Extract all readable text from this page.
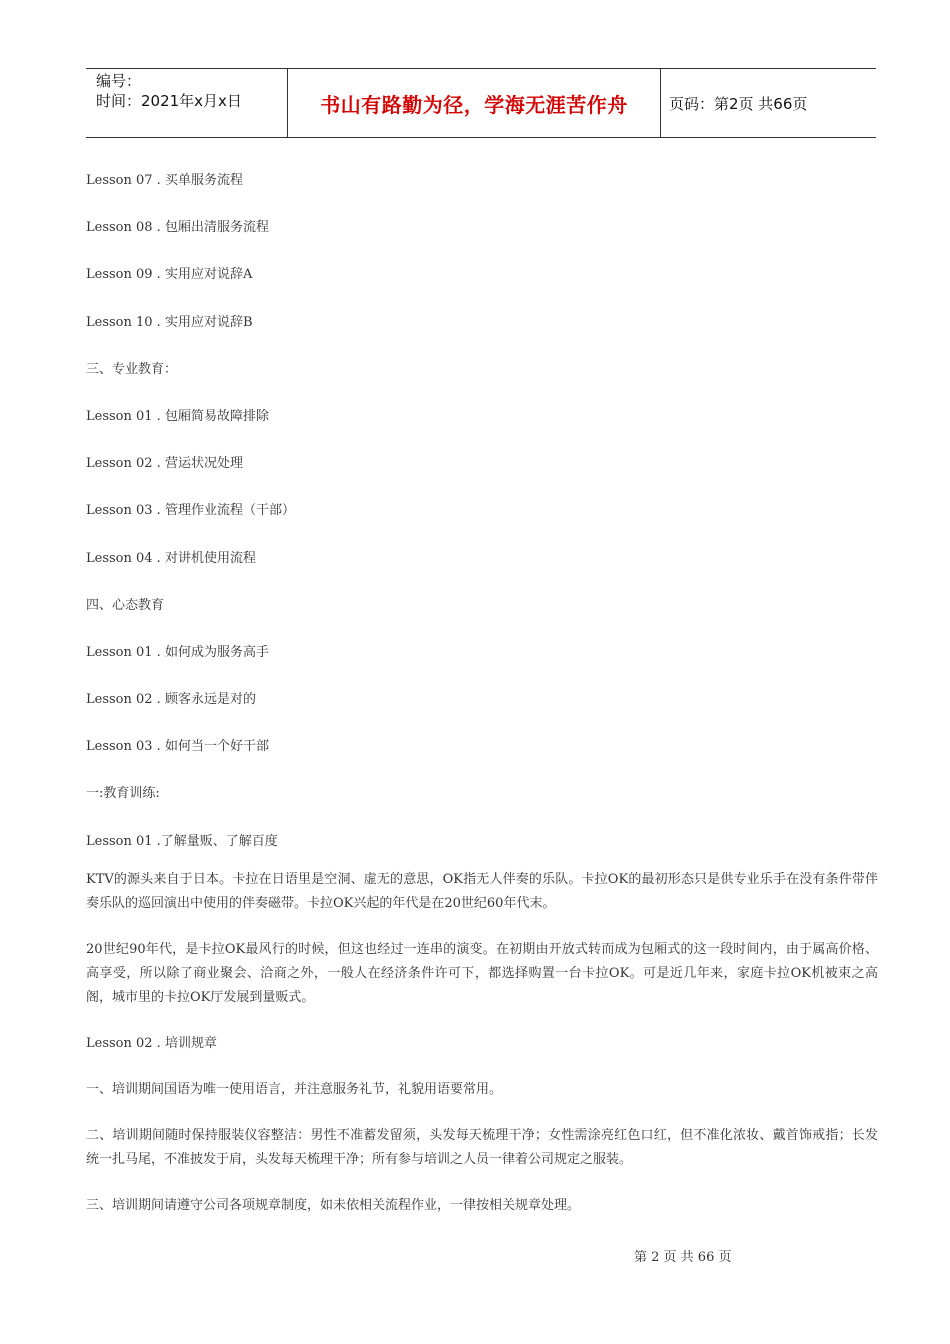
编号：
时间：2021年x月x日	书山有路勤为径，学海无涯苦作舟	页码：第2页 共66页
Lesson 07 . 买单服务流程
Lesson 08 . 包厢出清服务流程
Lesson 09 . 实用应对说辞A
Lesson 10 . 实用应对说辞B
三、专业教育：
Lesson 01 . 包厢简易故障排除
Lesson 02 . 营运状况处理
Lesson 03 . 管理作业流程（干部）
Lesson 04 . 对讲机使用流程
四、心态教育
Lesson 01 . 如何成为服务高手
Lesson 02 . 顾客永远是对的
Lesson 03 . 如何当一个好干部
一:教育训练:
Lesson 01 .了解量贩、了解百度
KTV的源头来自于日本。卡拉在日语里是空洞、虚无的意思，OK指无人伴奏的乐队。卡拉OK的最初形态只是供专业乐手在没有条件带伴奏乐队的巡回演出中使用的伴奏磁带。卡拉OK兴起的年代是在20世纪60年代末。
20世纪90年代，是卡拉OK最风行的时候，但这也经过一连串的演变。在初期由开放式转而成为包厢式的这一段时间内，由于属高价格、高享受，所以除了商业聚会、洽商之外，一般人在经济条件许可下，都选择购置一台卡拉OK。可是近几年来，家庭卡拉OK机被束之高阁，城市里的卡拉OK厅发展到量贩式。
Lesson 02 . 培训规章
一、培训期间国语为唯一使用语言，并注意服务礼节，礼貌用语要常用。
二、培训期间随时保持服装仪容整洁：男性不准蓄发留须，头发每天梳理干净；女性需涂亮红色口红，但不准化浓妆、戴首饰戒指；长发统一扎马尾，不准披发于肩，头发每天梳理干净；所有参与培训之人员一律着公司规定之服装。
三、培训期间请遵守公司各项规章制度，如未依相关流程作业，一律按相关规章处理。
第 2 页 共 66 页
